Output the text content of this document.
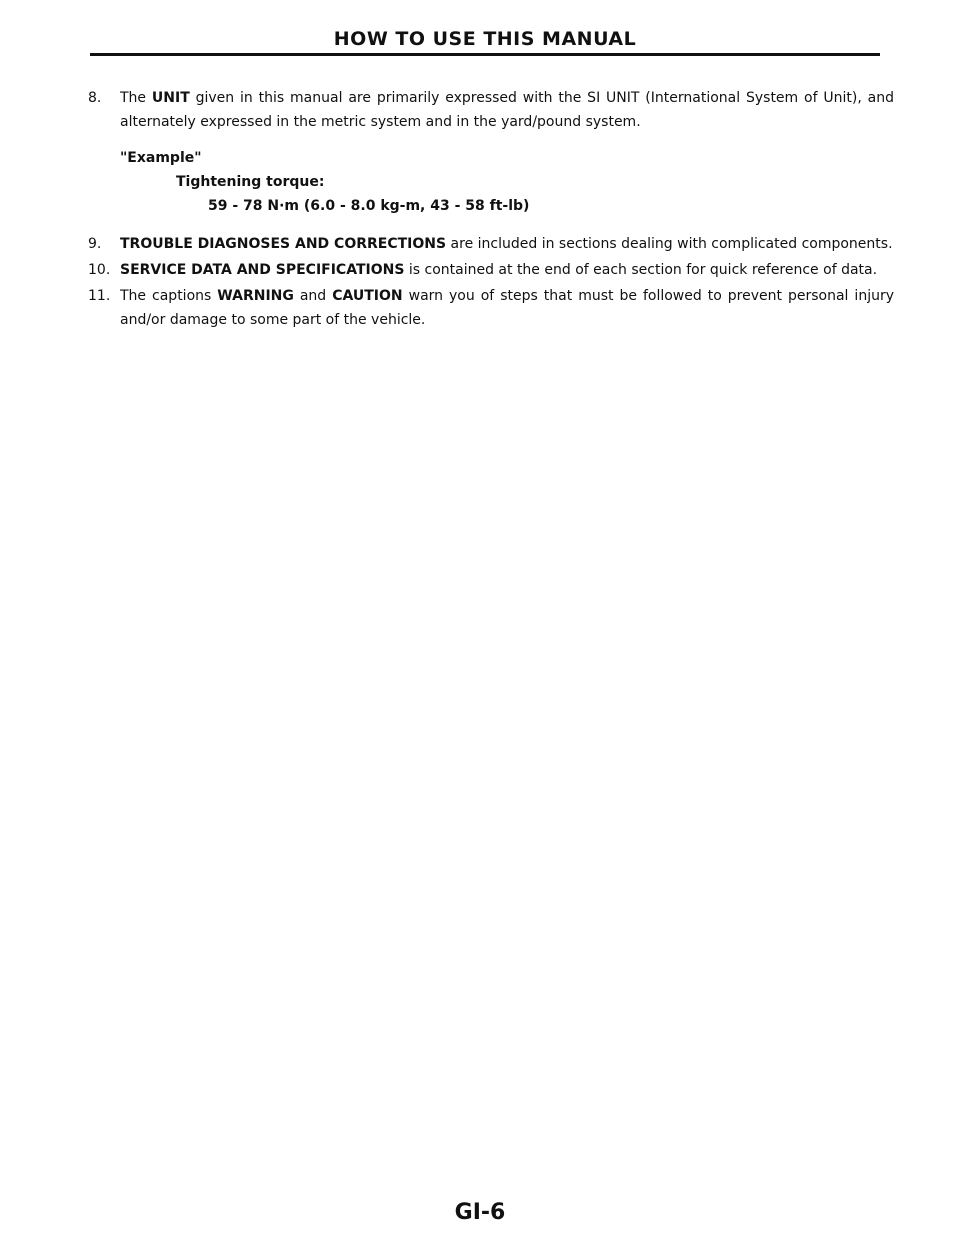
HOW TO USE THIS MANUAL
8.	The UNIT given in this manual are primarily expressed with the SI UNIT (International System of Unit), and alternately expressed in the metric system and in the yard/pound system.
"Example"
Tightening torque:
59 - 78 N·m (6.0 - 8.0 kg-m, 43 - 58 ft-lb)
9.	TROUBLE DIAGNOSES AND CORRECTIONS are included in sections dealing with complicated components.
10. SERVICE DATA AND SPECIFICATIONS is contained at the end of each section for quick reference of data.
11. The captions WARNING and CAUTION warn you of steps that must be followed to prevent personal injury and/or damage to some part of the vehicle.
GI-6
